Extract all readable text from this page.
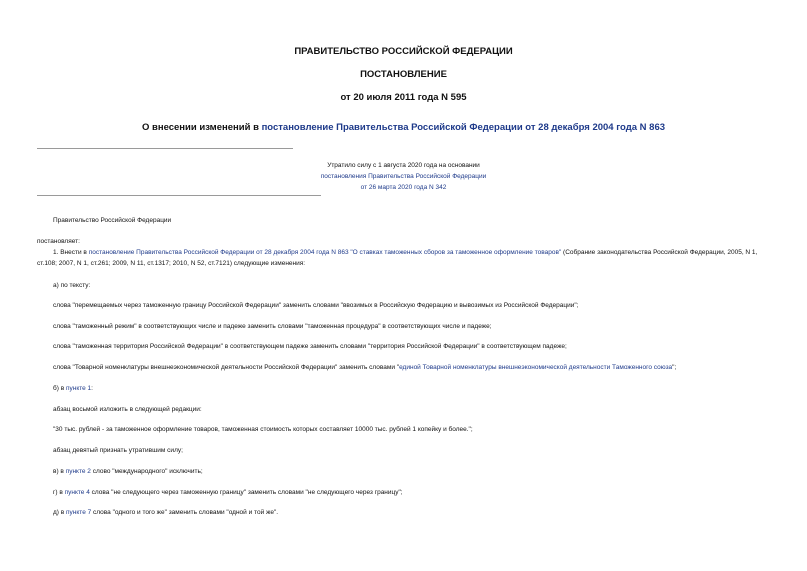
ПРАВИТЕЛЬСТВО РОССИЙСКОЙ ФЕДЕРАЦИИ
ПОСТАНОВЛЕНИЕ
от 20 июля 2011 года N 595
О внесении изменений в постановление Правительства Российской Федерации от 28 декабря 2004 года N 863
Утратило силу с 1 августа 2020 года на основании
постановления Правительства Российской Федерации
от 26 марта 2020 года N 342
Правительство Российской Федерации
постановляет:
1. Внести в постановление Правительства Российской Федерации от 28 декабря 2004 года N 863 "О ставках таможенных сборов за таможенное оформление товаров" (Собрание законодательства Российской Федерации, 2005, N 1, ст.108; 2007, N 1, ст.261; 2009, N 11, ст.1317; 2010, N 52, ст.7121) следующие изменения:
а) по тексту:
слова "перемещаемых через таможенную границу Российской Федерации" заменить словами "ввозимых в Российскую Федерацию и вывозимых из Российской Федерации";
слова "таможенный режим" в соответствующих числе и падеже заменить словами "таможенная процедура" в соответствующих числе и падеже;
слова "таможенная территория Российской Федерации" в соответствующем падеже заменить словами "территория Российской Федерации" в соответствующем падеже;
слова "Товарной номенклатуры внешнеэкономической деятельности Российской Федерации" заменить словами "единой Товарной номенклатуры внешнеэкономической деятельности Таможенного союза";
б) в пункте 1:
абзац восьмой изложить в следующей редакции:
"30 тыс. рублей - за таможенное оформление товаров, таможенная стоимость которых составляет 10000 тыс. рублей 1 копейку и более.";
абзац девятый признать утратившим силу;
в) в пункте 2 слово "международного" исключить;
г) в пункте 4 слова "не следующего через таможенную границу" заменить словами "не следующего через границу";
д) в пункте 7 слова "одного и того же" заменить словами "одной и той же".
